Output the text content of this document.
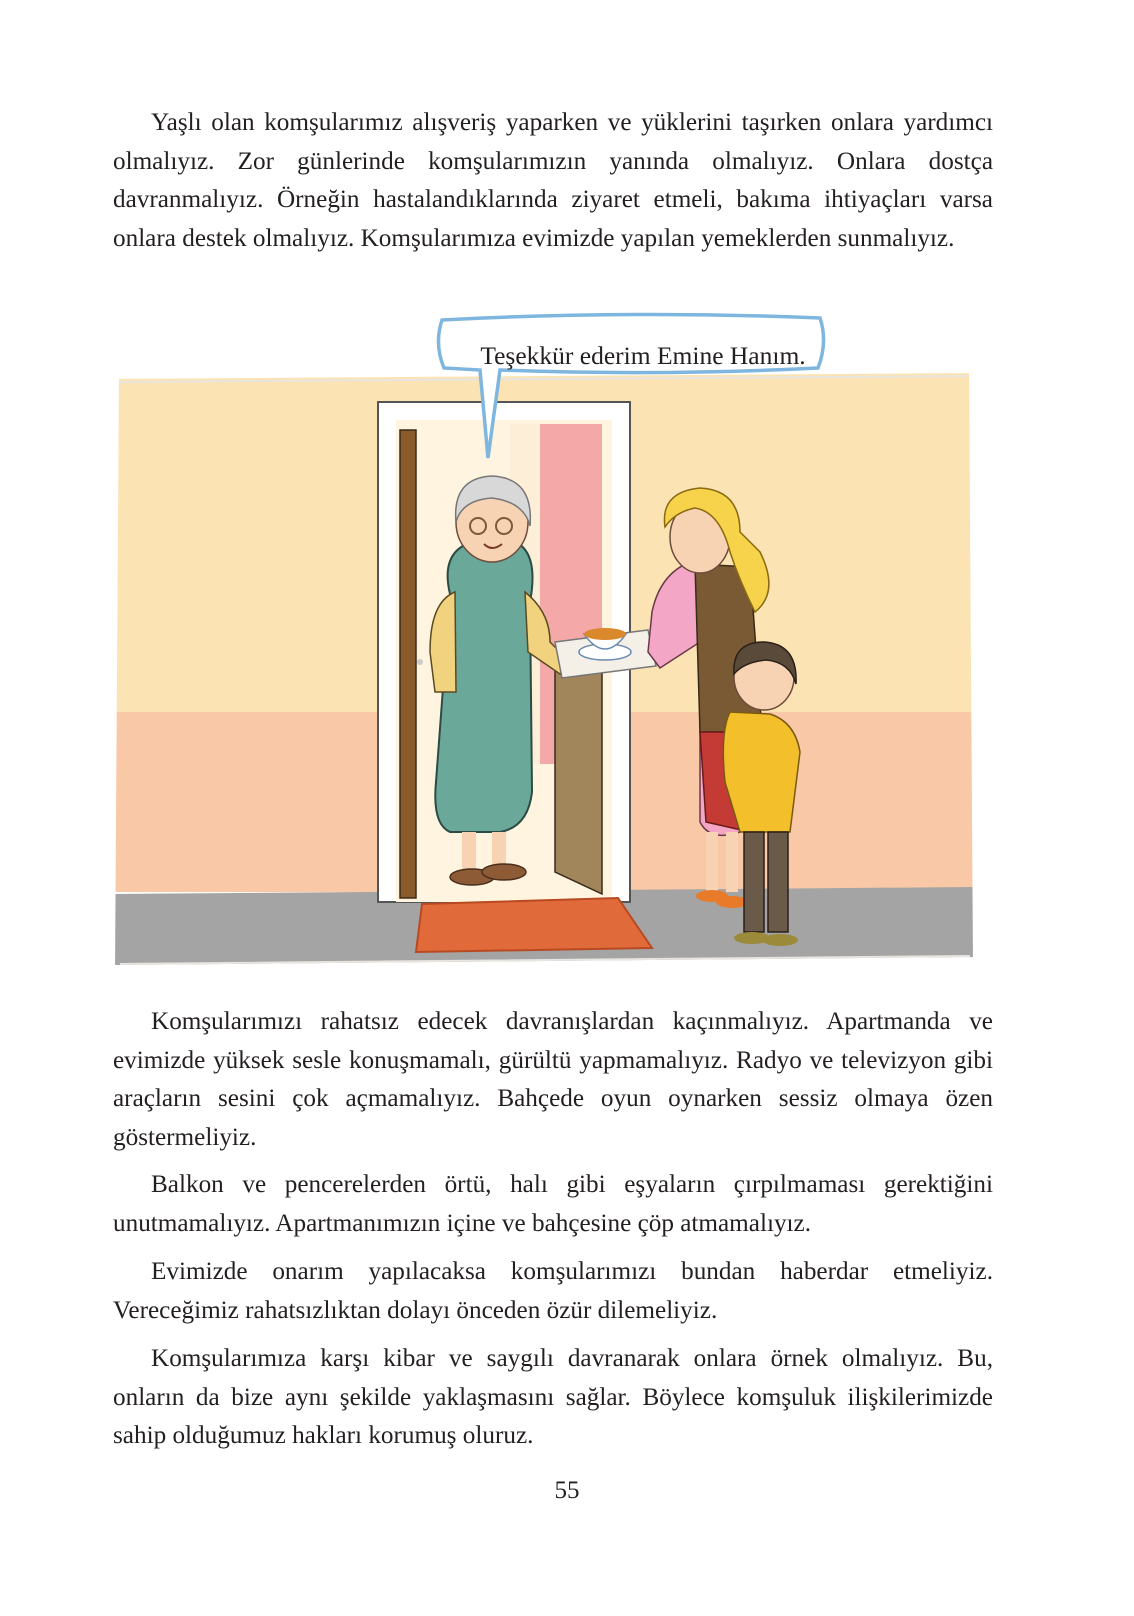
Yaşlı olan komşularımız alışveriş yaparken ve yüklerini taşırken onlara yardımcı olmalıyız. Zor günlerinde komşularımızın yanında olmalıyız. Onlara dostça davranmalıyız. Örneğin hastalandıklarında ziyaret etmeli, bakıma ihtiyaçları varsa onlara destek olmalıyız. Komşularımıza evimizde yapılan yemeklerden sunmalıyız.

Teşekkür ederim Emine Hanım.

Komşularımızı rahatsız edecek davranışlardan kaçınmalıyız. Apartmanda ve evimizde yüksek sesle konuşmamalı, gürültü yapmamalıyız. Radyo ve televizyon gibi araçların sesini çok açmamalıyız. Bahçede oyun oynarken sessiz olmaya özen göstermeliyiz.

Balkon ve pencerelerden örtü, halı gibi eşyaların çırpılmaması gerektiğini unutmamalıyız. Apartmanımızın içine ve bahçesine çöp atmamalıyız.

Evimizde onarım yapılacaksa komşularımızı bundan haberdar etmeliyiz. Vereceğimiz rahatsızlıktan dolayı önceden özür dilemeliyiz.

Komşularımıza karşı kibar ve saygılı davranarak onlara örnek olmalıyız. Bu, onların da bize aynı şekilde yaklaşmasını sağlar. Böylece komşuluk ilişkilerimizde sahip olduğumuz hakları korumuş oluruz.

55
